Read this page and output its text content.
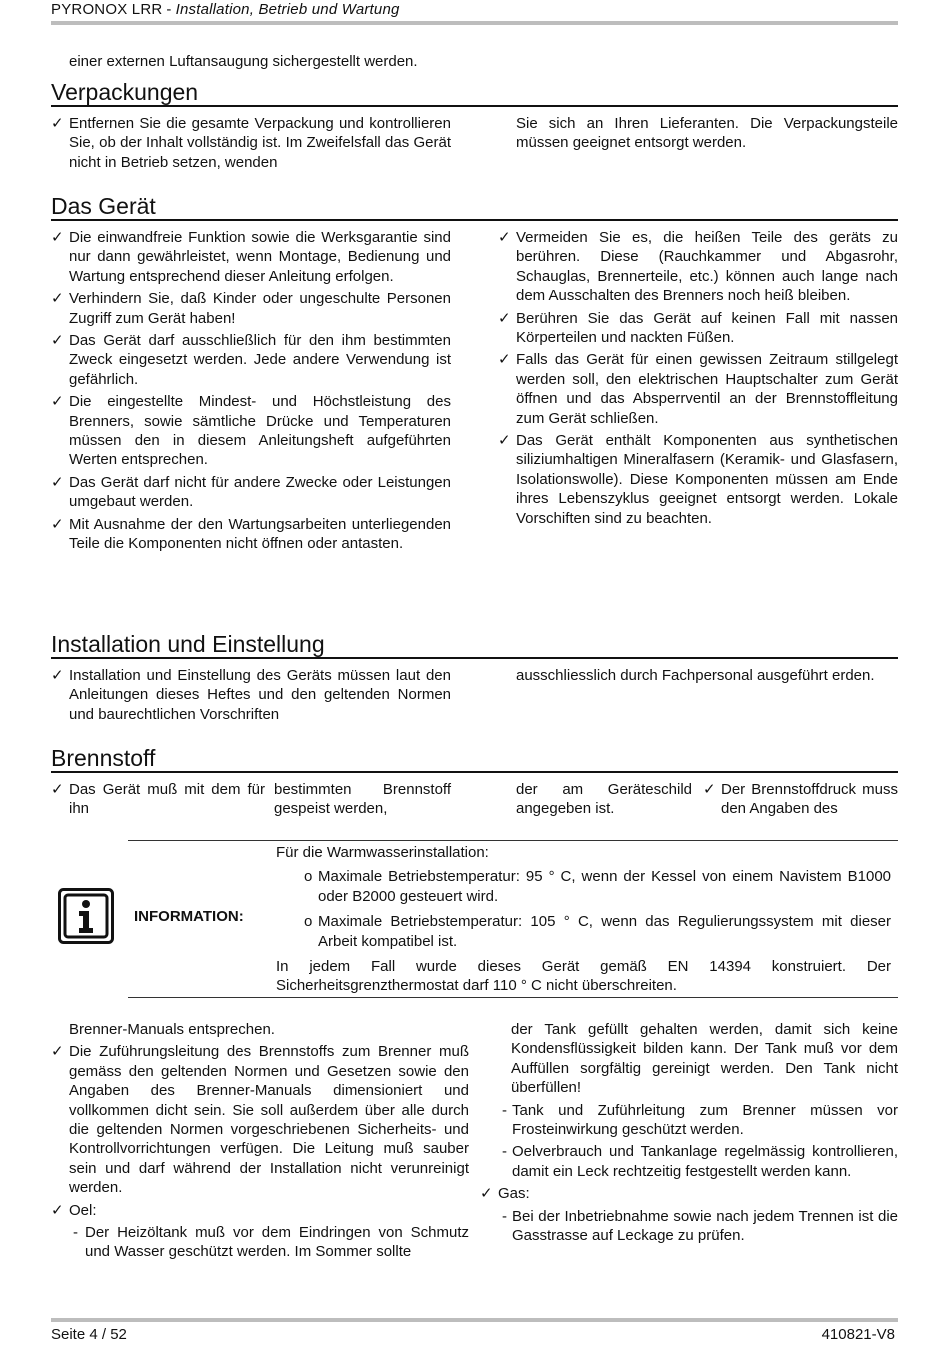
PYRONOX LRR - Installation, Betrieb und Wartung
einer externen Luftansaugung sichergestellt werden.
Verpackungen
✓ Entfernen Sie die gesamte Verpackung und kontrollieren Sie, ob der Inhalt vollständig ist. Im Zweifelsfall das Gerät nicht in Betrieb setzen, wenden
Sie sich an Ihren Lieferanten. Die Verpackungsteile müssen geeignet entsorgt werden.
Das Gerät
✓ Die einwandfreie Funktion sowie die Werksgarantie sind nur dann gewährleistet, wenn Montage, Bedienung und Wartung entsprechend dieser Anleitung erfolgen.
✓ Verhindern Sie, daß Kinder oder ungeschulte Personen Zugriff zum Gerät haben!
✓ Das Gerät darf ausschließlich für den ihm bestimmten Zweck eingesetzt werden. Jede andere Verwendung ist gefährlich.
✓ Die eingestellte Mindest- und Höchstleistung des Brenners, sowie sämtliche Drücke und Temperaturen müssen den in diesem Anleitungsheft aufgeführten Werten entsprechen.
✓ Das Gerät darf nicht für andere Zwecke oder Leistungen umgebaut werden.
✓ Mit Ausnahme der den Wartungsarbeiten unterliegenden Teile die Komponenten nicht öffnen oder antasten.
✓ Vermeiden Sie es, die heißen Teile des geräts zu berühren. Diese (Rauchkammer und Abgasrohr, Schauglas, Brennerteile, etc.) können auch lange nach dem Ausschalten des Brenners noch heiß bleiben.
✓ Berühren Sie das Gerät auf keinen Fall mit nassen Körperteilen und nackten Füßen.
✓ Falls das Gerät für einen gewissen Zeitraum stillgelegt werden soll, den elektrischen Hauptschalter zum Gerät öffnen und das Absperrventil an der Brennstoffleitung zum Gerät schließen.
✓ Das Gerät enthält Komponenten aus synthetischen siliziumhaltigen Mineralfasern (Keramik- und Glasfasern, Isolationswolle). Diese Komponenten müssen am Ende ihres Lebenszyklus geeignet entsorgt werden. Lokale Vorschiften sind zu beachten.
Installation und Einstellung
✓ Installation und Einstellung des Geräts müssen laut den Anleitungen dieses Heftes und den geltenden Normen und baurechtlichen Vorschriften
ausschliesslich durch Fachpersonal ausgeführt erden.
Brennstoff
✓ Das Gerät muß mit dem für ihn
bestimmten Brennstoff gespeist werden,
der am Geräteschild angegeben ist.
✓ Der Brennstoffdruck muss den Angaben des
INFORMATION:
Für die Warmwasserinstallation:
o Maximale Betriebstemperatur: 95 ° C, wenn der Kessel von einem Navistem B1000 oder B2000 gesteuert wird.
o Maximale Betriebstemperatur: 105 ° C, wenn das Regulierungssystem mit dieser Arbeit kompatibel ist.
In jedem Fall wurde dieses Gerät gemäß EN 14394 konstruiert. Der Sicherheitsgrenzthermostat darf 110 ° C nicht überschreiten.
Brenner-Manuals entsprechen.
✓ Die Zuführungsleitung des Brennstoffs zum Brenner muß gemäss den geltenden Normen und Gesetzen sowie den Angaben des Brenner-Manuals dimensioniert und vollkommen dicht sein. Sie soll außerdem über alle durch die geltenden Normen vorgeschriebenen Sicherheits- und Kontrollvorrichtungen verfügen. Die Leitung muß sauber sein und darf während der Installation nicht verunreinigt werden.
✓ Oel:
- Der Heizöltank muß vor dem Eindringen von Schmutz und Wasser geschützt werden. Im Sommer sollte
der Tank gefüllt gehalten werden, damit sich keine Kondensflüssigkeit bilden kann. Der Tank muß vor dem Auffüllen sorgfältig gereinigt werden. Den Tank nicht überfüllen!
- Tank und Zuführleitung zum Brenner müssen vor Frosteinwirkung geschützt werden.
- Oelverbrauch und Tankanlage regelmässig kontrollieren, damit ein Leck rechtzeitig festgestellt werden kann.
✓ Gas:
- Bei der Inbetriebnahme sowie nach jedem Trennen ist die Gasstrasse auf Leckage zu prüfen.
Seite 4 / 52	410821-V8
